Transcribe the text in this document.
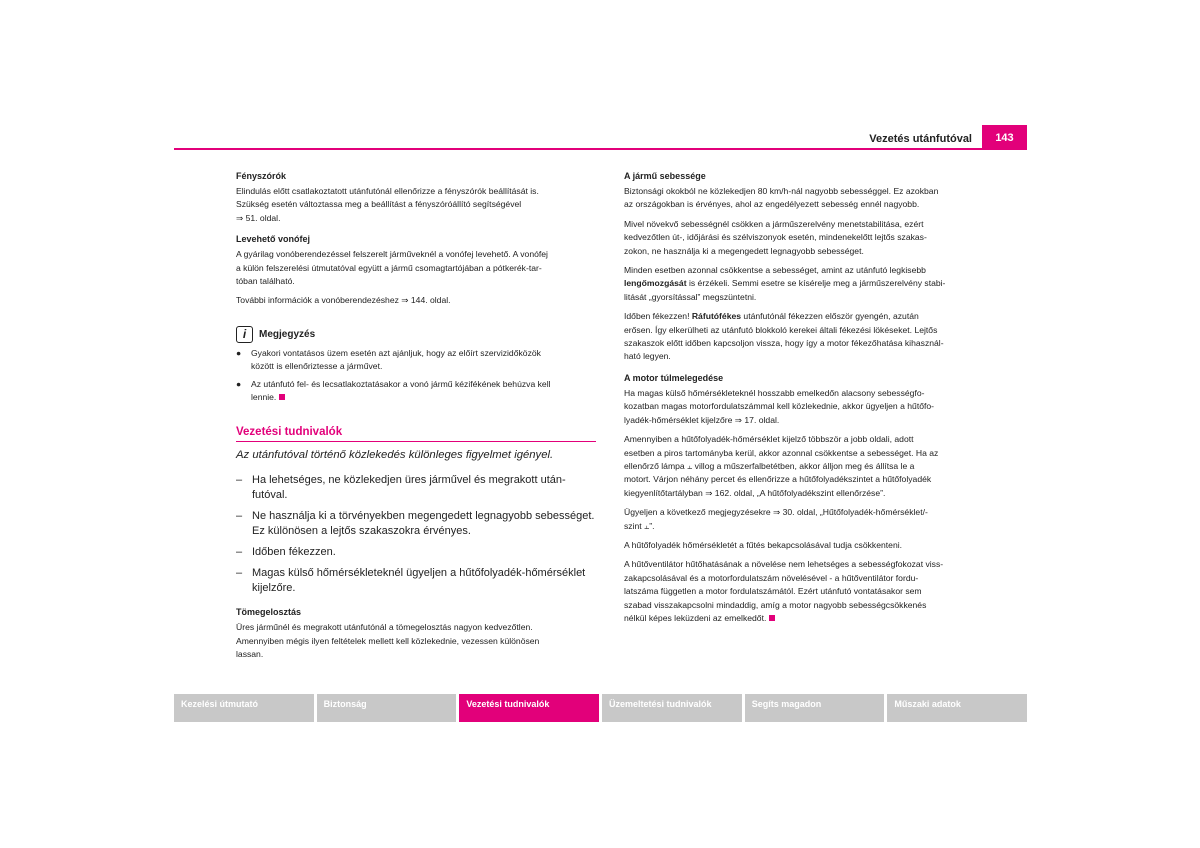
Vezetés utánfutóval	143
Fényszórók
Elindulás előtt csatlakoztatott utánfutónál ellenőrizze a fényszórók beállítását is.
Szükség esetén változtassa meg a beállítást a fényszóróállító segítségével
⇒ 51. oldal.
Levehető vonófej
A gyárilag vonóberendezéssel felszerelt járműveknél a vonófej levehető. A vonófej
a külön felszerelési útmutatóval együtt a jármű csomagtartójában a pótkerék-tar-
tóban található.
További információk a vonóberendezéshez ⇒ 144. oldal.
i	Megjegyzés
●	Gyakori vontatásos üzem esetén azt ajánljuk, hogy az előírt szervizidőközök
között is ellenőriztesse a járművet.
●	Az utánfutó fel- és lecsatlakoztatásakor a vonó jármű kézifékének behúzva kell
lennie.
Vezetési tudnivalók
Az utánfutóval történő közlekedés különleges figyelmet igényel.
– Ha lehetséges, ne közlekedjen üres járművel és megrakott után-
futóval.
– Ne használja ki a törvényekben megengedett legnagyobb sebességet.
Ez különösen a lejtős szakaszokra érvényes.
– Időben fékezzen.
– Magas külső hőmérsékleteknél ügyeljen a hűtőfolyadék-hőmérséklet
kijelzőre.
Tömegelosztás
Üres járműnél és megrakott utánfutónál a tömegelosztás nagyon kedvezőtlen.
Amennyiben mégis ilyen feltételek mellett kell közlekednie, vezessen különösen
lassan.
A jármű sebessége
Biztonsági okokból ne közlekedjen 80 km/h-nál nagyobb sebességgel. Ez azokban
az országokban is érvényes, ahol az engedélyezett sebesség ennél nagyobb.
Mivel növekvő sebességnél csökken a járműszerelvény menetstabilitása, ezért
kedvezőtlen út-, időjárási és szélviszonyok esetén, mindenekelőtt lejtős szakas-
zokon, ne használja ki a megengedett legnagyobb sebességet.
Minden esetben azonnal csökkentse a sebességet, amint az utánfutó legkisebb
lengőmozgását is érzékeli. Semmi esetre se kísérelje meg a járműszerelvény stabi-
litását „gyorsítással” megszüntetni.
Időben fékezzen! Ráfutófékes utánfutónál fékezzen először gyengén, azután
erősen. Így elkerülheti az utánfutó blokkoló kerekei általi fékezési lökéseket. Lejtős
szakaszok előtt időben kapcsoljon vissza, hogy így a motor fékezőhatása kihasznál-
ható legyen.
A motor túlmelegedése
Ha magas külső hőmérsékleteknél hosszabb emelkedőn alacsony sebességfo-
kozatban magas motorfordulatszámmal kell közlekednie, akkor ügyeljen a hűtőfo-
lyadék-hőmérséklet kijelzőre ⇒ 17. oldal.
Amennyiben a hűtőfolyadék-hőmérséklet kijelző többször a jobb oldali, adott
esetben a piros tartományba kerül, akkor azonnal csökkentse a sebességet. Ha az
ellenőrző lámpa ⫠ villog a műszerfalbetétben, akkor álljon meg és állítsa le a
motort. Várjon néhány percet és ellenőrizze a hűtőfolyadékszintet a hűtőfolyadék
kiegyenlítőtartályban ⇒ 162. oldal, „A hűtőfolyadékszint ellenőrzése”.
Ügyeljen a következő megjegyzésekre ⇒ 30. oldal, „Hűtőfolyadék-hőmérséklet/-
szint ⫠”.
A hűtőfolyadék hőmérsékletét a fűtés bekapcsolásával tudja csökkenteni.
A hűtőventilátor hűtőhatásának a növelése nem lehetséges a sebességfokozat viss-
zakapcsolásával és a motorfordulatszám növelésével - a hűtőventilátor fordu-
latszáma független a motor fordulatszámától. Ezért utánfutó vontatásakor sem
szabad visszakapcsolni mindaddig, amíg a motor nagyobb sebességcsökkenés
nélkül képes leküzdeni az emelkedőt.
Kezelési útmutató	Biztonság	Vezetési tudnivalók	Üzemeltetési tudnivalók	Segíts magadon	Műszaki adatok
